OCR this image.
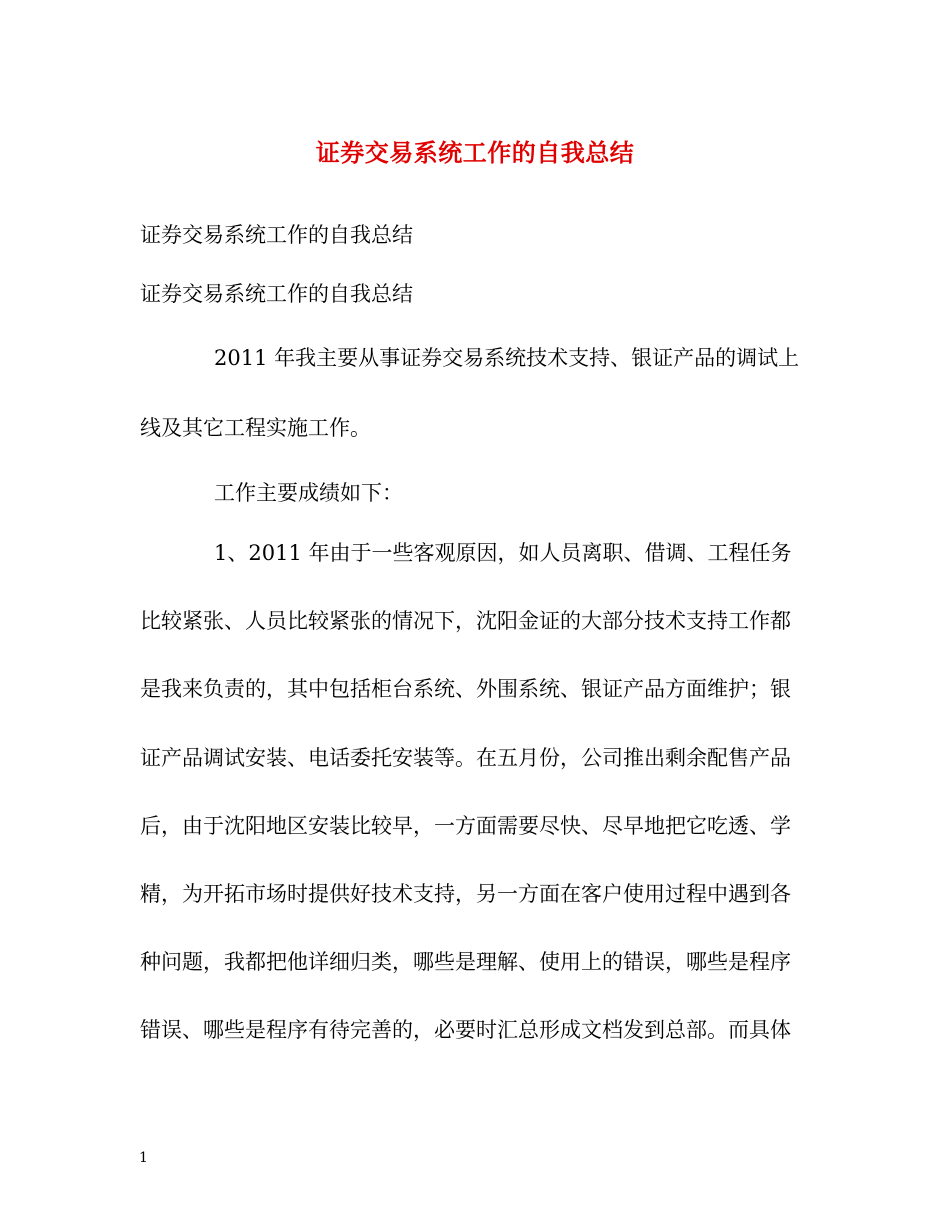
证券交易系统工作的自我总结
证券交易系统工作的自我总结
证券交易系统工作的自我总结
2011 年我主要从事证券交易系统技术支持、银证产品的调试上
线及其它工程实施工作。
工作主要成绩如下：
1、2011 年由于一些客观原因，如人员离职、借调、工程任务
比较紧张、人员比较紧张的情况下，沈阳金证的大部分技术支持工作都
是我来负责的，其中包括柜台系统、外围系统、银证产品方面维护；银
证产品调试安装、电话委托安装等。在五月份，公司推出剩余配售产品
后，由于沈阳地区安装比较早，一方面需要尽快、尽早地把它吃透、学
精，为开拓市场时提供好技术支持，另一方面在客户使用过程中遇到各
种问题，我都把他详细归类，哪些是理解、使用上的错误，哪些是程序
错误、哪些是程序有待完善的，必要时汇总形成文档发到总部。而具体
1
